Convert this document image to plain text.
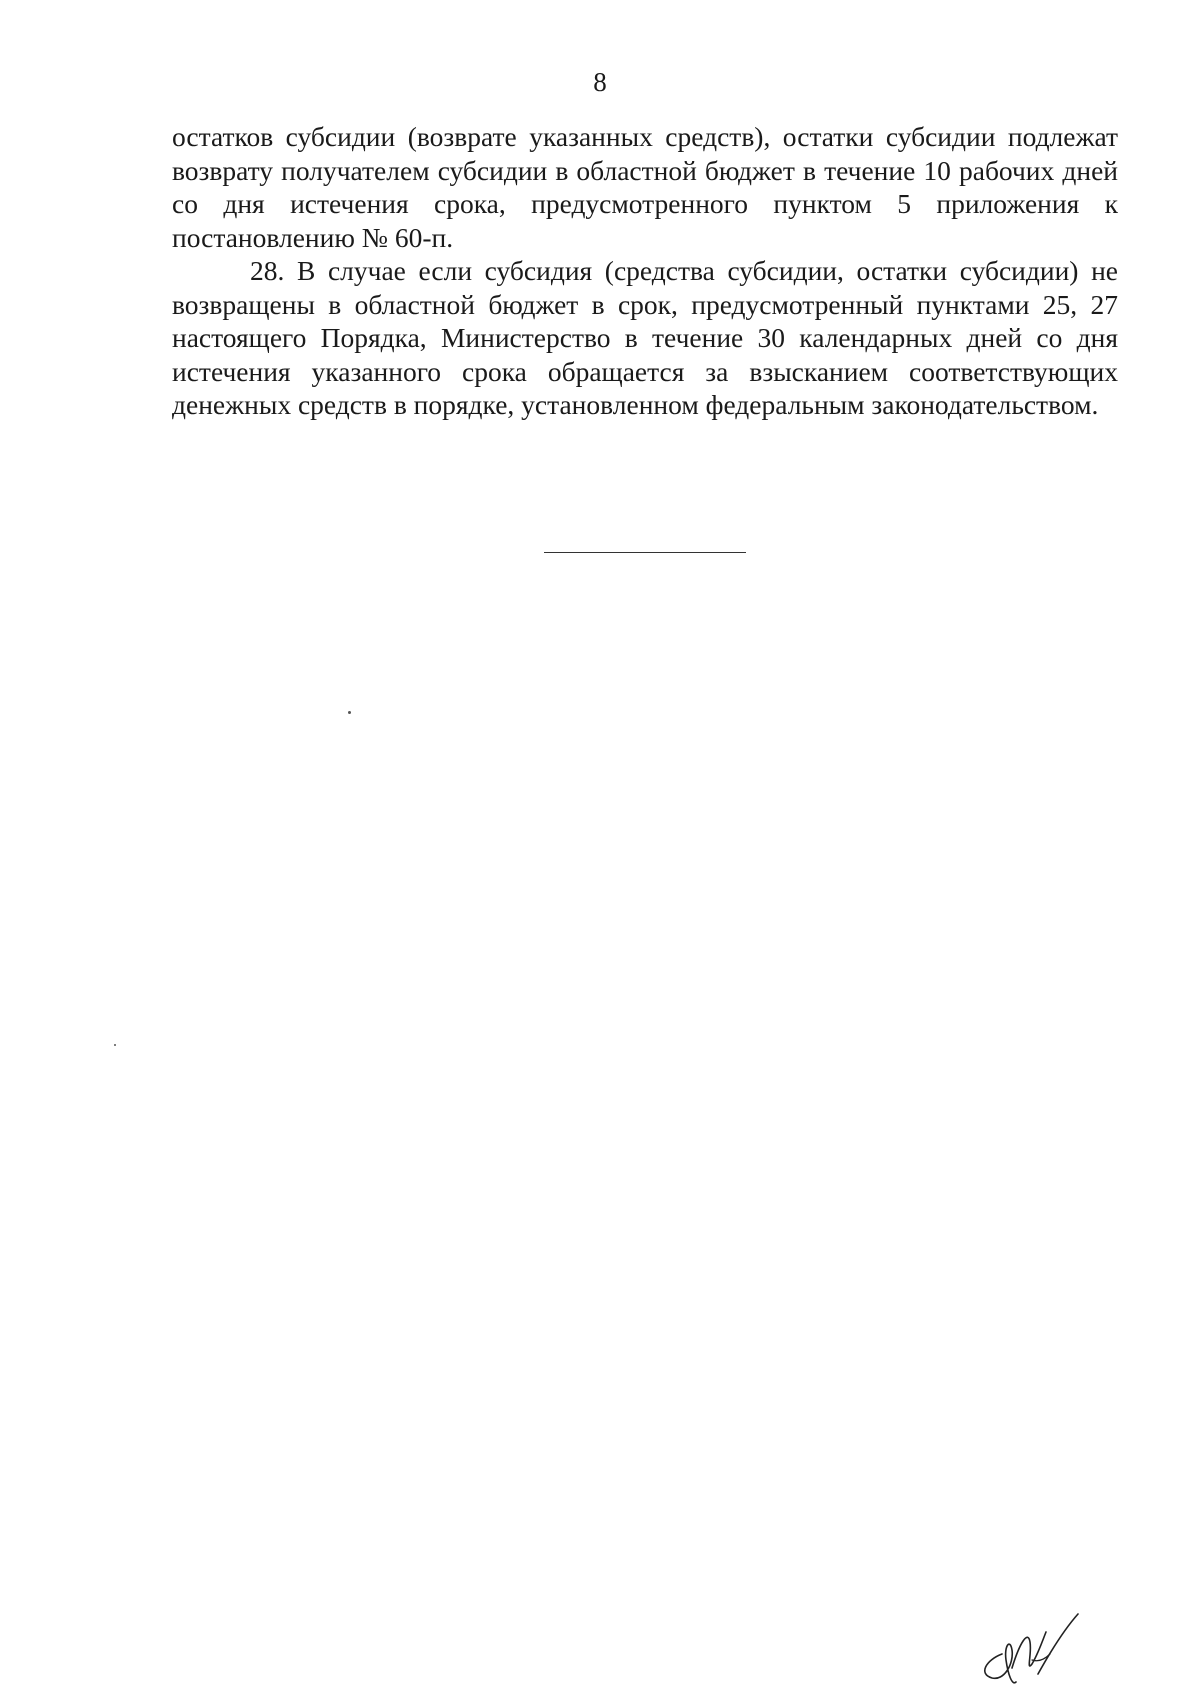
8

остатков субсидии (возврате указанных средств), остатки субсидии подлежат возврату получателем субсидии в областной бюджет в течение 10 рабочих дней со дня истечения срока, предусмотренного пунктом 5 приложения к постановлению № 60-п.

28. В случае если субсидия (средства субсидии, остатки субсидии) не возвращены в областной бюджет в срок, предусмотренный пунктами 25, 27 настоящего Порядка, Министерство в течение 30 календарных дней со дня истечения указанного срока обращается за взысканием соответствующих денежных средств в порядке, установленном федеральным законодательством.
